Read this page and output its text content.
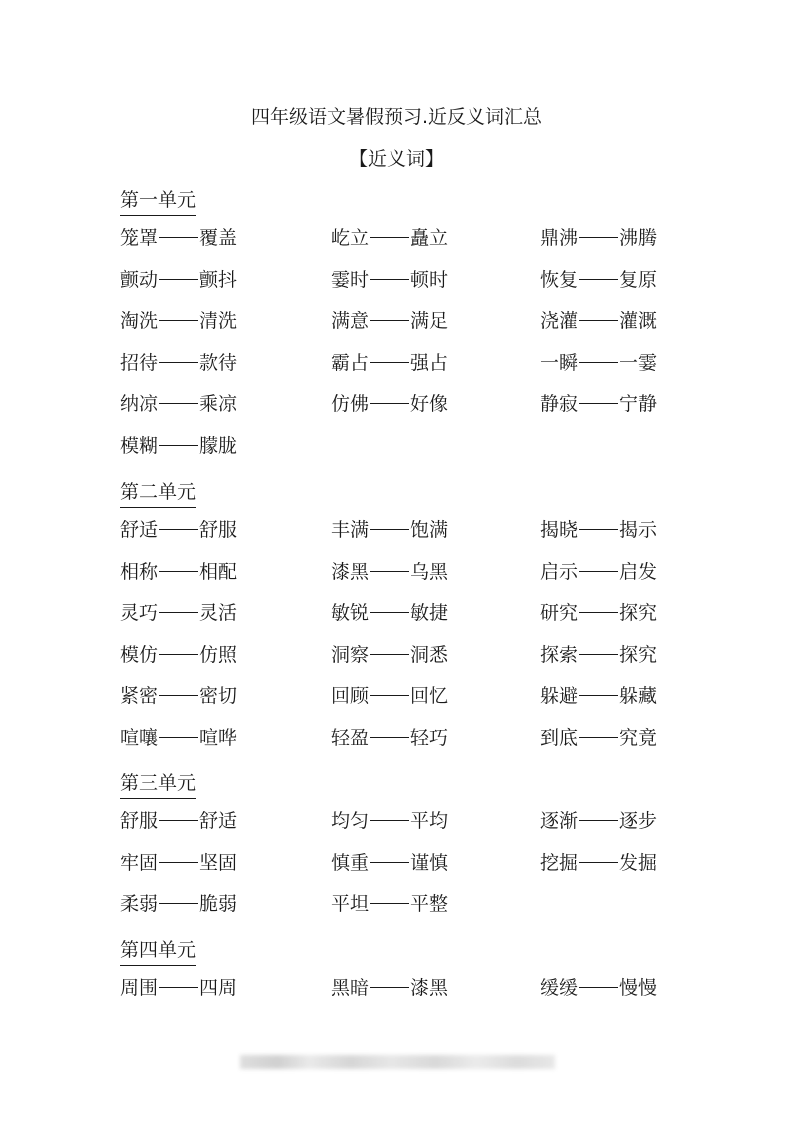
四年级语文暑假预习.近反义词汇总
【近义词】
第一单元
笼罩 覆盖	屹立 矗立	鼎沸 沸腾
颤动 颤抖	霎时 顿时	恢复 复原
淘洗 清洗	满意 满足	浇灌 灌溉
招待 款待	霸占 强占	一瞬 一霎
纳凉 乘凉	仿佛 好像	静寂 宁静
模糊 朦胧
第二单元
舒适 舒服	丰满 饱满	揭晓 揭示
相称 相配	漆黑 乌黑	启示 启发
灵巧 灵活	敏锐 敏捷	研究 探究
模仿 仿照	洞察 洞悉	探索 探究
紧密 密切	回顾 回忆	躲避 躲藏
喧嚷 喧哗	轻盈 轻巧	到底 究竟
第三单元
舒服 舒适	均匀 平均	逐渐 逐步
牢固 坚固	慎重 谨慎	挖掘 发掘
柔弱 脆弱	平坦 平整
第四单元
周围 四周	黑暗 漆黑	缓缓 慢慢
